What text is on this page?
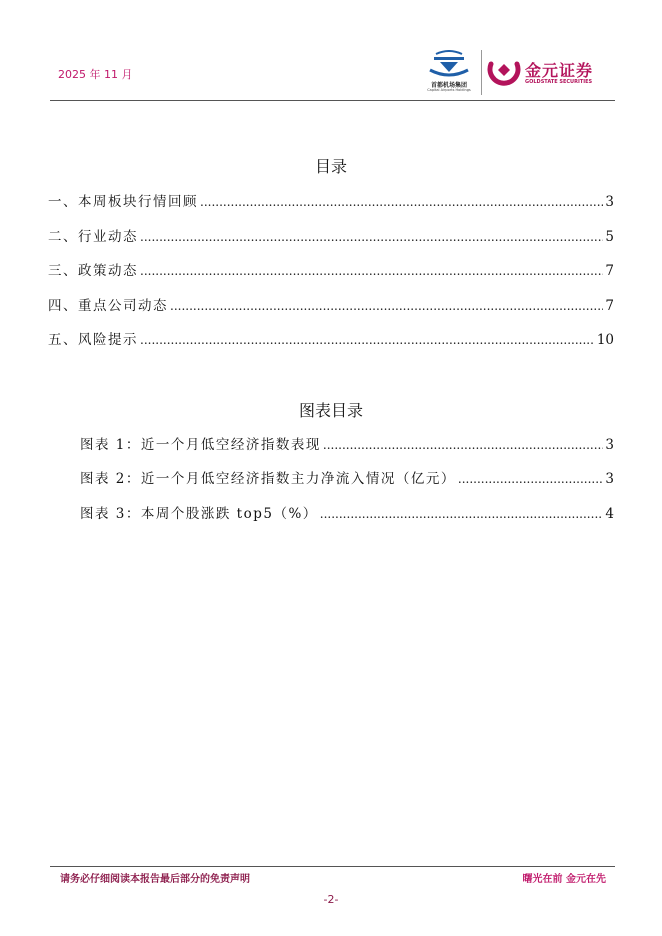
2025 年 11 月
首都机场集团
Capital Airports Holdings
金元证券
GOLDSTATE SECURITIES
目录
一、本周板块行情回顾 .....	3
二、行业动态 .....	5
三、政策动态 .....	7
四、重点公司动态 .....	7
五、风险提示 .....	10
图表目录
图表 1：近一个月低空经济指数表现 .....	3
图表 2：近一个月低空经济指数主力净流入情况（亿元） .....	3
图表 3：本周个股涨跌 top5（%） .....	4
请务必仔细阅读本报告最后部分的免责声明	曙光在前 金元在先
-2-
